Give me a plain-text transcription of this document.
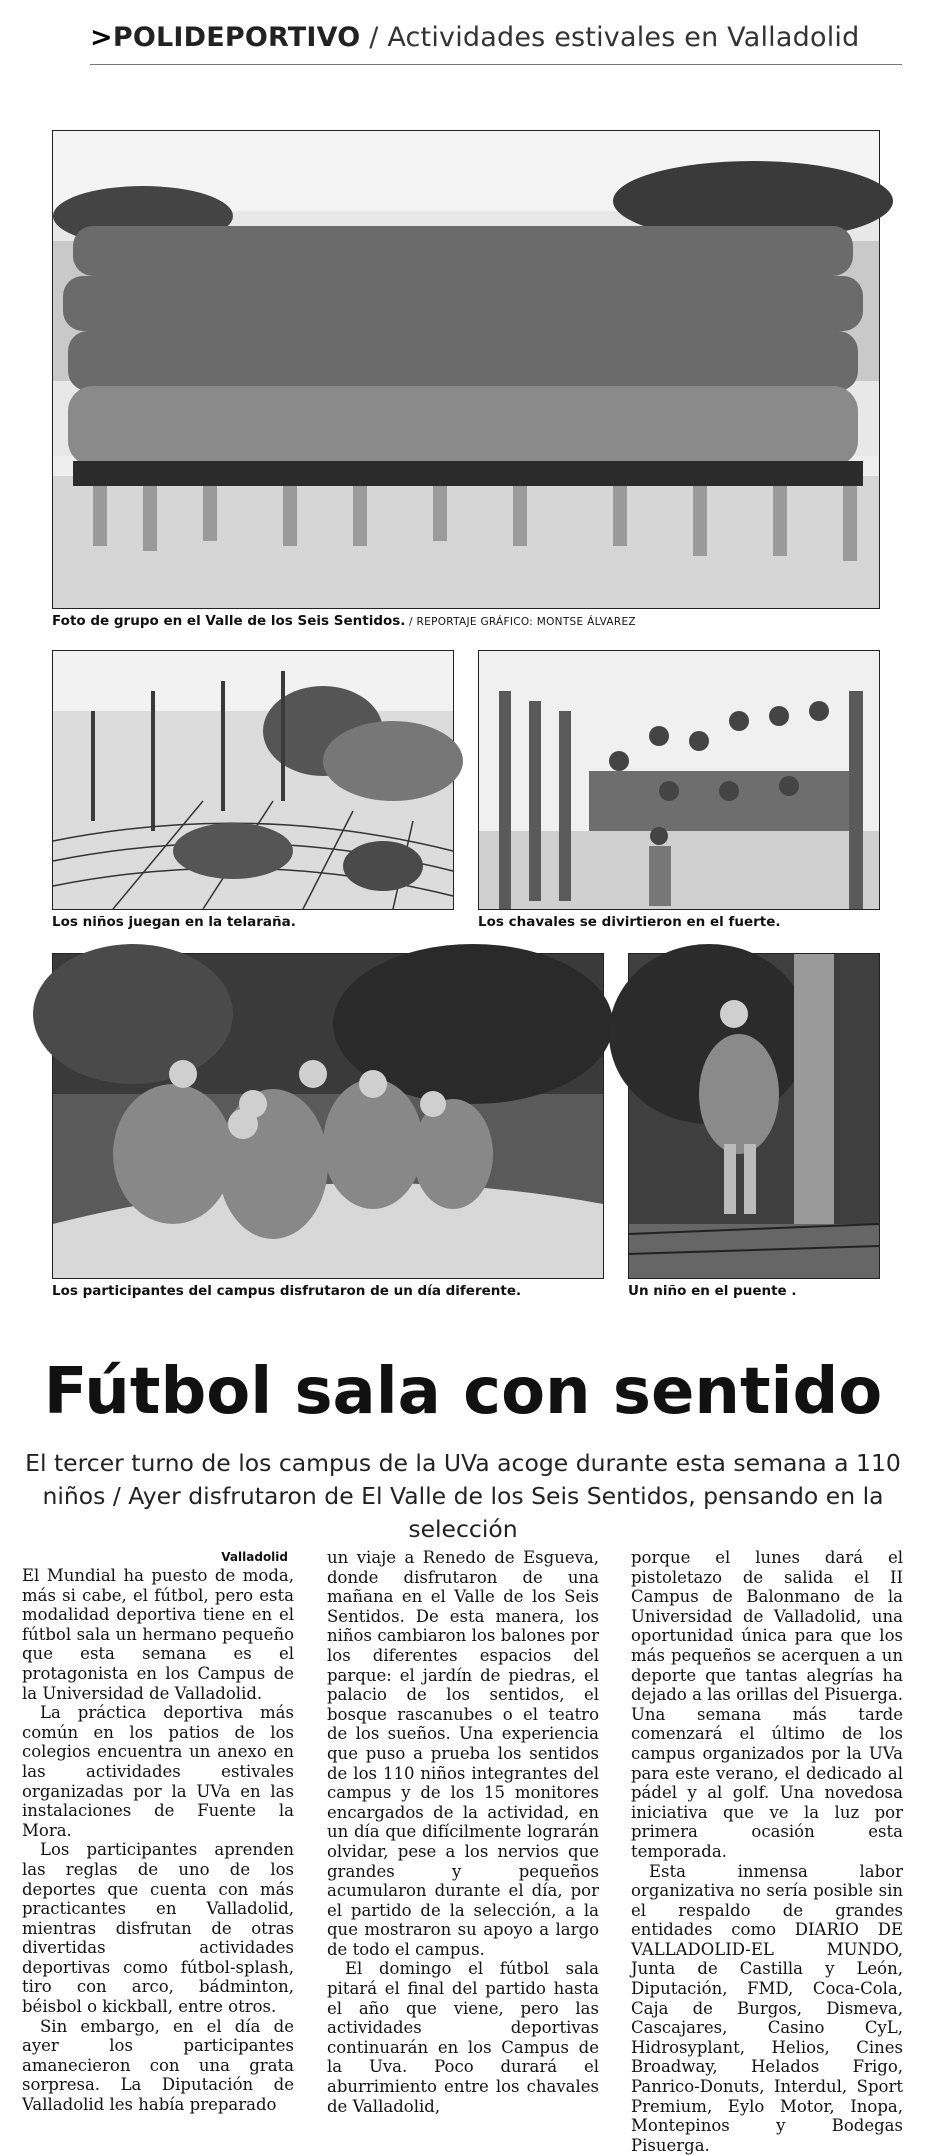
>POLIDEPORTIVO / Actividades estivales en Valladolid
Foto de grupo en el Valle de los Seis Sentidos. / REPORTAJE GRÁFICO: MONTSE ÁLVAREZ
Los niños juegan en la telaraña.	Los chavales se divirtieron en el fuerte.
Los participantes del campus disfrutaron de un día diferente.	Un niño en el puente .
Fútbol sala con sentido
El tercer turno de los campus de la UVa acoge durante esta semana a 110 niños / Ayer disfrutaron de El Valle de los Seis Sentidos, pensando en la selección
Valladolid

El Mundial ha puesto de moda, más si cabe, el fútbol, pero esta modalidad deportiva tiene en el fútbol sala un hermano pequeño que esta semana es el protagonista en los Campus de la Universidad de Valladolid.

La práctica deportiva más común en los patios de los colegios encuentra un anexo en las actividades estivales organizadas por la UVa en las instalaciones de Fuente la Mora.

Los participantes aprenden las reglas de uno de los deportes que cuenta con más practicantes en Valladolid, mientras disfrutan de otras divertidas actividades deportivas como fútbol-splash, tiro con arco, bádminton, béisbol o kickball, entre otros.

Sin embargo, en el día de ayer los participantes amanecieron con una grata sorpresa. La Diputación de Valladolid les había preparado

un viaje a Renedo de Esgueva, donde disfrutaron de una mañana en el Valle de los Seis Sentidos. De esta manera, los niños cambiaron los balones por los diferentes espacios del parque: el jardín de piedras, el palacio de los sentidos, el bosque rascanubes o el teatro de los sueños. Una experiencia que puso a prueba los sentidos de los 110 niños integrantes del campus y de los 15 monitores encargados de la actividad, en un día que difícilmente lograrán olvidar, pese a los nervios que grandes y pequeños acumularon durante el día, por el partido de la selección, a la que mostraron su apoyo a largo de todo el campus.

El domingo el fútbol sala pitará el final del partido hasta el año que viene, pero las actividades deportivas continuarán en los Campus de la Uva. Poco durará el aburrimiento entre los chavales de Valladolid,

porque el lunes dará el pistoletazo de salida el II Campus de Balonmano de la Universidad de Valladolid, una oportunidad única para que los más pequeños se acerquen a un deporte que tantas alegrías ha dejado a las orillas del Pisuerga. Una semana más tarde comenzará el último de los campus organizados por la UVa para este verano, el dedicado al pádel y al golf. Una novedosa iniciativa que ve la luz por primera ocasión esta temporada.

Esta inmensa labor organizativa no sería posible sin el respaldo de grandes entidades como DIARIO DE VALLADOLID-EL MUNDO, Junta de Castilla y León, Diputación, FMD, Coca-Cola, Caja de Burgos, Dismeva, Cascajares, Casino CyL, Hidrosyplant, Helios, Cines Broadway, Helados Frigo, Panrico-Donuts, Interdul, Sport Premium, Eylo Motor, Inopa, Montepinos y Bodegas Pisuerga.
